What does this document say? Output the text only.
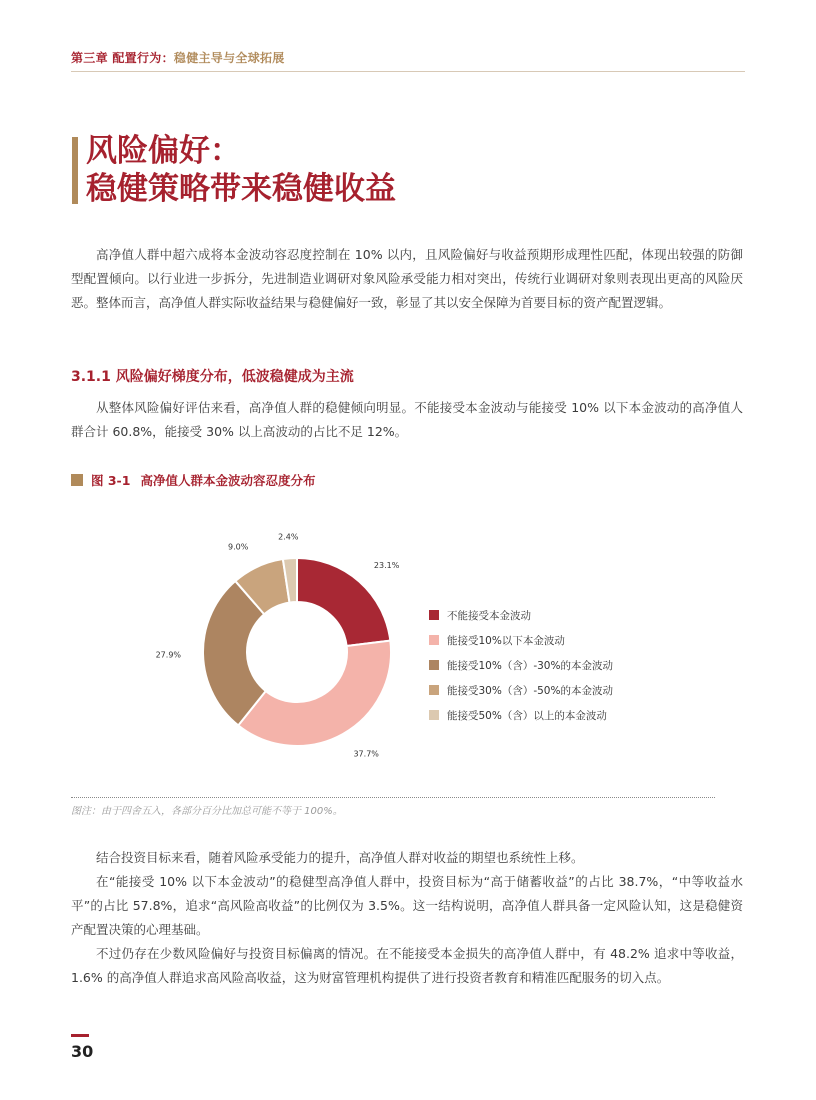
第三章 配置行为：稳健主导与全球拓展
风险偏好：
稳健策略带来稳健收益

高净值人群中超六成将本金波动容忍度控制在 10% 以内，且风险偏好与收益预期形成理性匹配，体现出较强的防御型配置倾向。以行业进一步拆分，先进制造业调研对象风险承受能力相对突出，传统行业调研对象则表现出更高的风险厌恶。整体而言，高净值人群实际收益结果与稳健偏好一致，彰显了其以安全保障为首要目标的资产配置逻辑。

3.1.1 风险偏好梯度分布，低波稳健成为主流

从整体风险偏好评估来看，高净值人群的稳健倾向明显。不能接受本金波动与能接受 10% 以下本金波动的高净值人群合计 60.8%，能接受 30% 以上高波动的占比不足 12%。

图 3-1 高净值人群本金波动容忍度分布
23.1%
37.7%
27.9%
9.0%
2.4%
不能接受本金波动
能接受10%以下本金波动
能接受10%（含）-30%的本金波动
能接受30%（含）-50%的本金波动
能接受50%（含）以上的本金波动
图注：由于四舍五入，各部分百分比加总可能不等于 100%。

结合投资目标来看，随着风险承受能力的提升，高净值人群对收益的期望也系统性上移。

在“能接受 10% 以下本金波动”的稳健型高净值人群中，投资目标为“高于储蓄收益”的占比 38.7%，“中等收益水平”的占比 57.8%，追求“高风险高收益”的比例仅为 3.5%。这一结构说明，高净值人群具备一定风险认知，这是稳健资产配置决策的心理基础。

不过仍存在少数风险偏好与投资目标偏离的情况。在不能接受本金损失的高净值人群中，有 48.2% 追求中等收益，1.6% 的高净值人群追求高风险高收益，这为财富管理机构提供了进行投资者教育和精准匹配服务的切入点。

30
